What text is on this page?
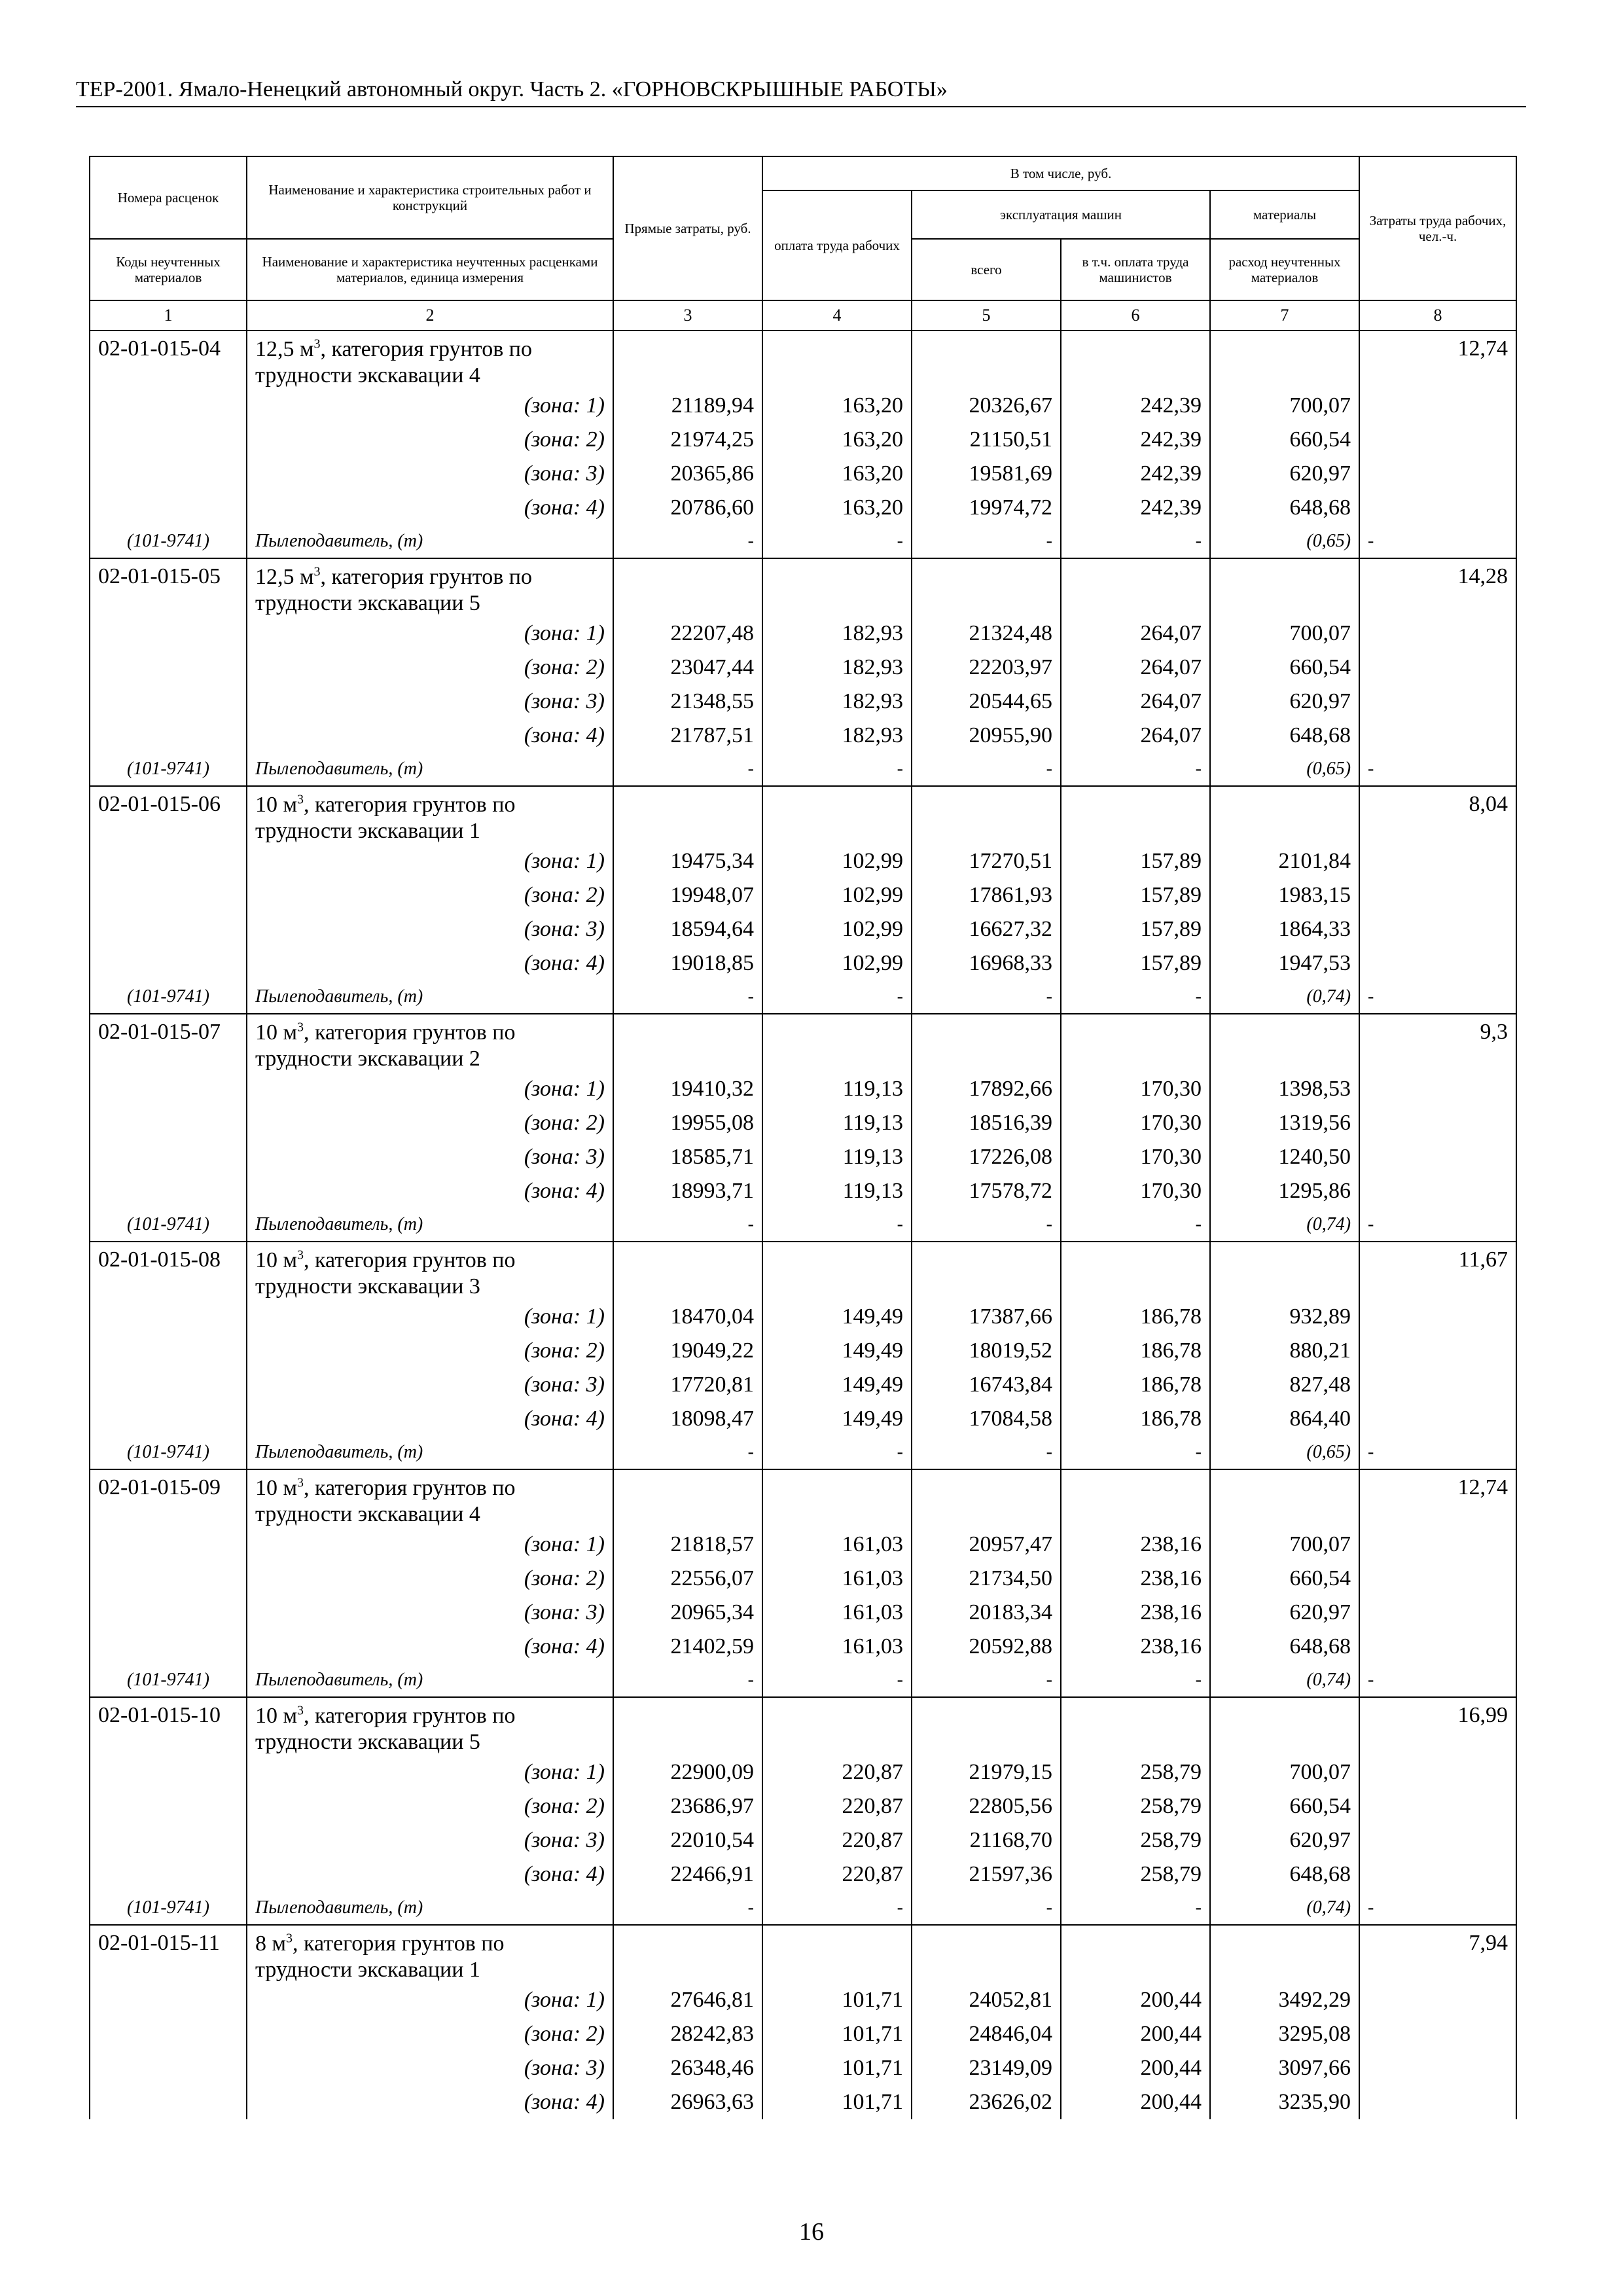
ТЕР-2001. Ямало-Ненецкий автономный округ. Часть 2. «ГОРНОВСКРЫШНЫЕ РАБОТЫ»
Номера расценок	Наименование и характеристика строительных работ и конструкций	Прямые затраты, руб.	В том числе, руб.				Затраты труда рабочих, чел.-ч.
			оплата труда рабочих	эксплуатация машин		материалы	
Коды неучтенных материалов	Наименование и характеристика неучтенных расценками материалов, единица измерения			всего	в т.ч. оплата труда машинистов	расход неучтенных материалов	
1	2	3	4	5	6	7	8
02-01-015-04	12,5 $м^3$, категория грунтов по трудности экскавации 4						12,74
	(зона: 1)	21189,94	163,20	20326,67	242,39	700,07	
	(зона: 2)	21974,25	163,20	21150,51	242,39	660,54	
	(зона: 3)	20365,86	163,20	19581,69	242,39	620,97	
	(зона: 4)	20786,60	163,20	19974,72	242,39	648,68	
(101-9741)	Пылеподавитель, (т)	-	-	-	-	(0,65)	-
02-01-015-05	12,5 $м^3$, категория грунтов по трудности экскавации 5						14,28
	(зона: 1)	22207,48	182,93	21324,48	264,07	700,07	
	(зона: 2)	23047,44	182,93	22203,97	264,07	660,54	
	(зона: 3)	21348,55	182,93	20544,65	264,07	620,97	
	(зона: 4)	21787,51	182,93	20955,90	264,07	648,68	
(101-9741)	Пылеподавитель, (т)	-	-	-	-	(0,65)	-
02-01-015-06	10 $м^3$, категория грунтов по трудности экскавации 1						8,04
	(зона: 1)	19475,34	102,99	17270,51	157,89	2101,84	
	(зона: 2)	19948,07	102,99	17861,93	157,89	1983,15	
	(зона: 3)	18594,64	102,99	16627,32	157,89	1864,33	
	(зона: 4)	19018,85	102,99	16968,33	157,89	1947,53	
(101-9741)	Пылеподавитель, (т)	-	-	-	-	(0,74)	-
02-01-015-07	10 $м^3$, категория грунтов по трудности экскавации 2						9,3
	(зона: 1)	19410,32	119,13	17892,66	170,30	1398,53	
	(зона: 2)	19955,08	119,13	18516,39	170,30	1319,56	
	(зона: 3)	18585,71	119,13	17226,08	170,30	1240,50	
	(зона: 4)	18993,71	119,13	17578,72	170,30	1295,86	
(101-9741)	Пылеподавитель, (т)	-	-	-	-	(0,74)	-
02-01-015-08	10 $м^3$, категория грунтов по трудности экскавации 3						11,67
	(зона: 1)	18470,04	149,49	17387,66	186,78	932,89	
	(зона: 2)	19049,22	149,49	18019,52	186,78	880,21	
	(зона: 3)	17720,81	149,49	16743,84	186,78	827,48	
	(зона: 4)	18098,47	149,49	17084,58	186,78	864,40	
(101-9741)	Пылеподавитель, (т)	-	-	-	-	(0,65)	-
02-01-015-09	10 $м^3$, категория грунтов по трудности экскавации 4						12,74
	(зона: 1)	21818,57	161,03	20957,47	238,16	700,07	
	(зона: 2)	22556,07	161,03	21734,50	238,16	660,54	
	(зона: 3)	20965,34	161,03	20183,34	238,16	620,97	
	(зона: 4)	21402,59	161,03	20592,88	238,16	648,68	
(101-9741)	Пылеподавитель, (т)	-	-	-	-	(0,74)	-
02-01-015-10	10 $м^3$, категория грунтов по трудности экскавации 5						16,99
	(зона: 1)	22900,09	220,87	21979,15	258,79	700,07	
	(зона: 2)	23686,97	220,87	22805,56	258,79	660,54	
	(зона: 3)	22010,54	220,87	21168,70	258,79	620,97	
	(зона: 4)	22466,91	220,87	21597,36	258,79	648,68	
(101-9741)	Пылеподавитель, (т)	-	-	-	-	(0,74)	-
02-01-015-11	8 $м^3$, категория грунтов по трудности экскавации 1						7,94
	(зона: 1)	27646,81	101,71	24052,81	200,44	3492,29	
	(зона: 2)	28242,83	101,71	24846,04	200,44	3295,08	
	(зона: 3)	26348,46	101,71	23149,09	200,44	3097,66	
	(зона: 4)	26963,63	101,71	23626,02	200,44	3235,90	
16
